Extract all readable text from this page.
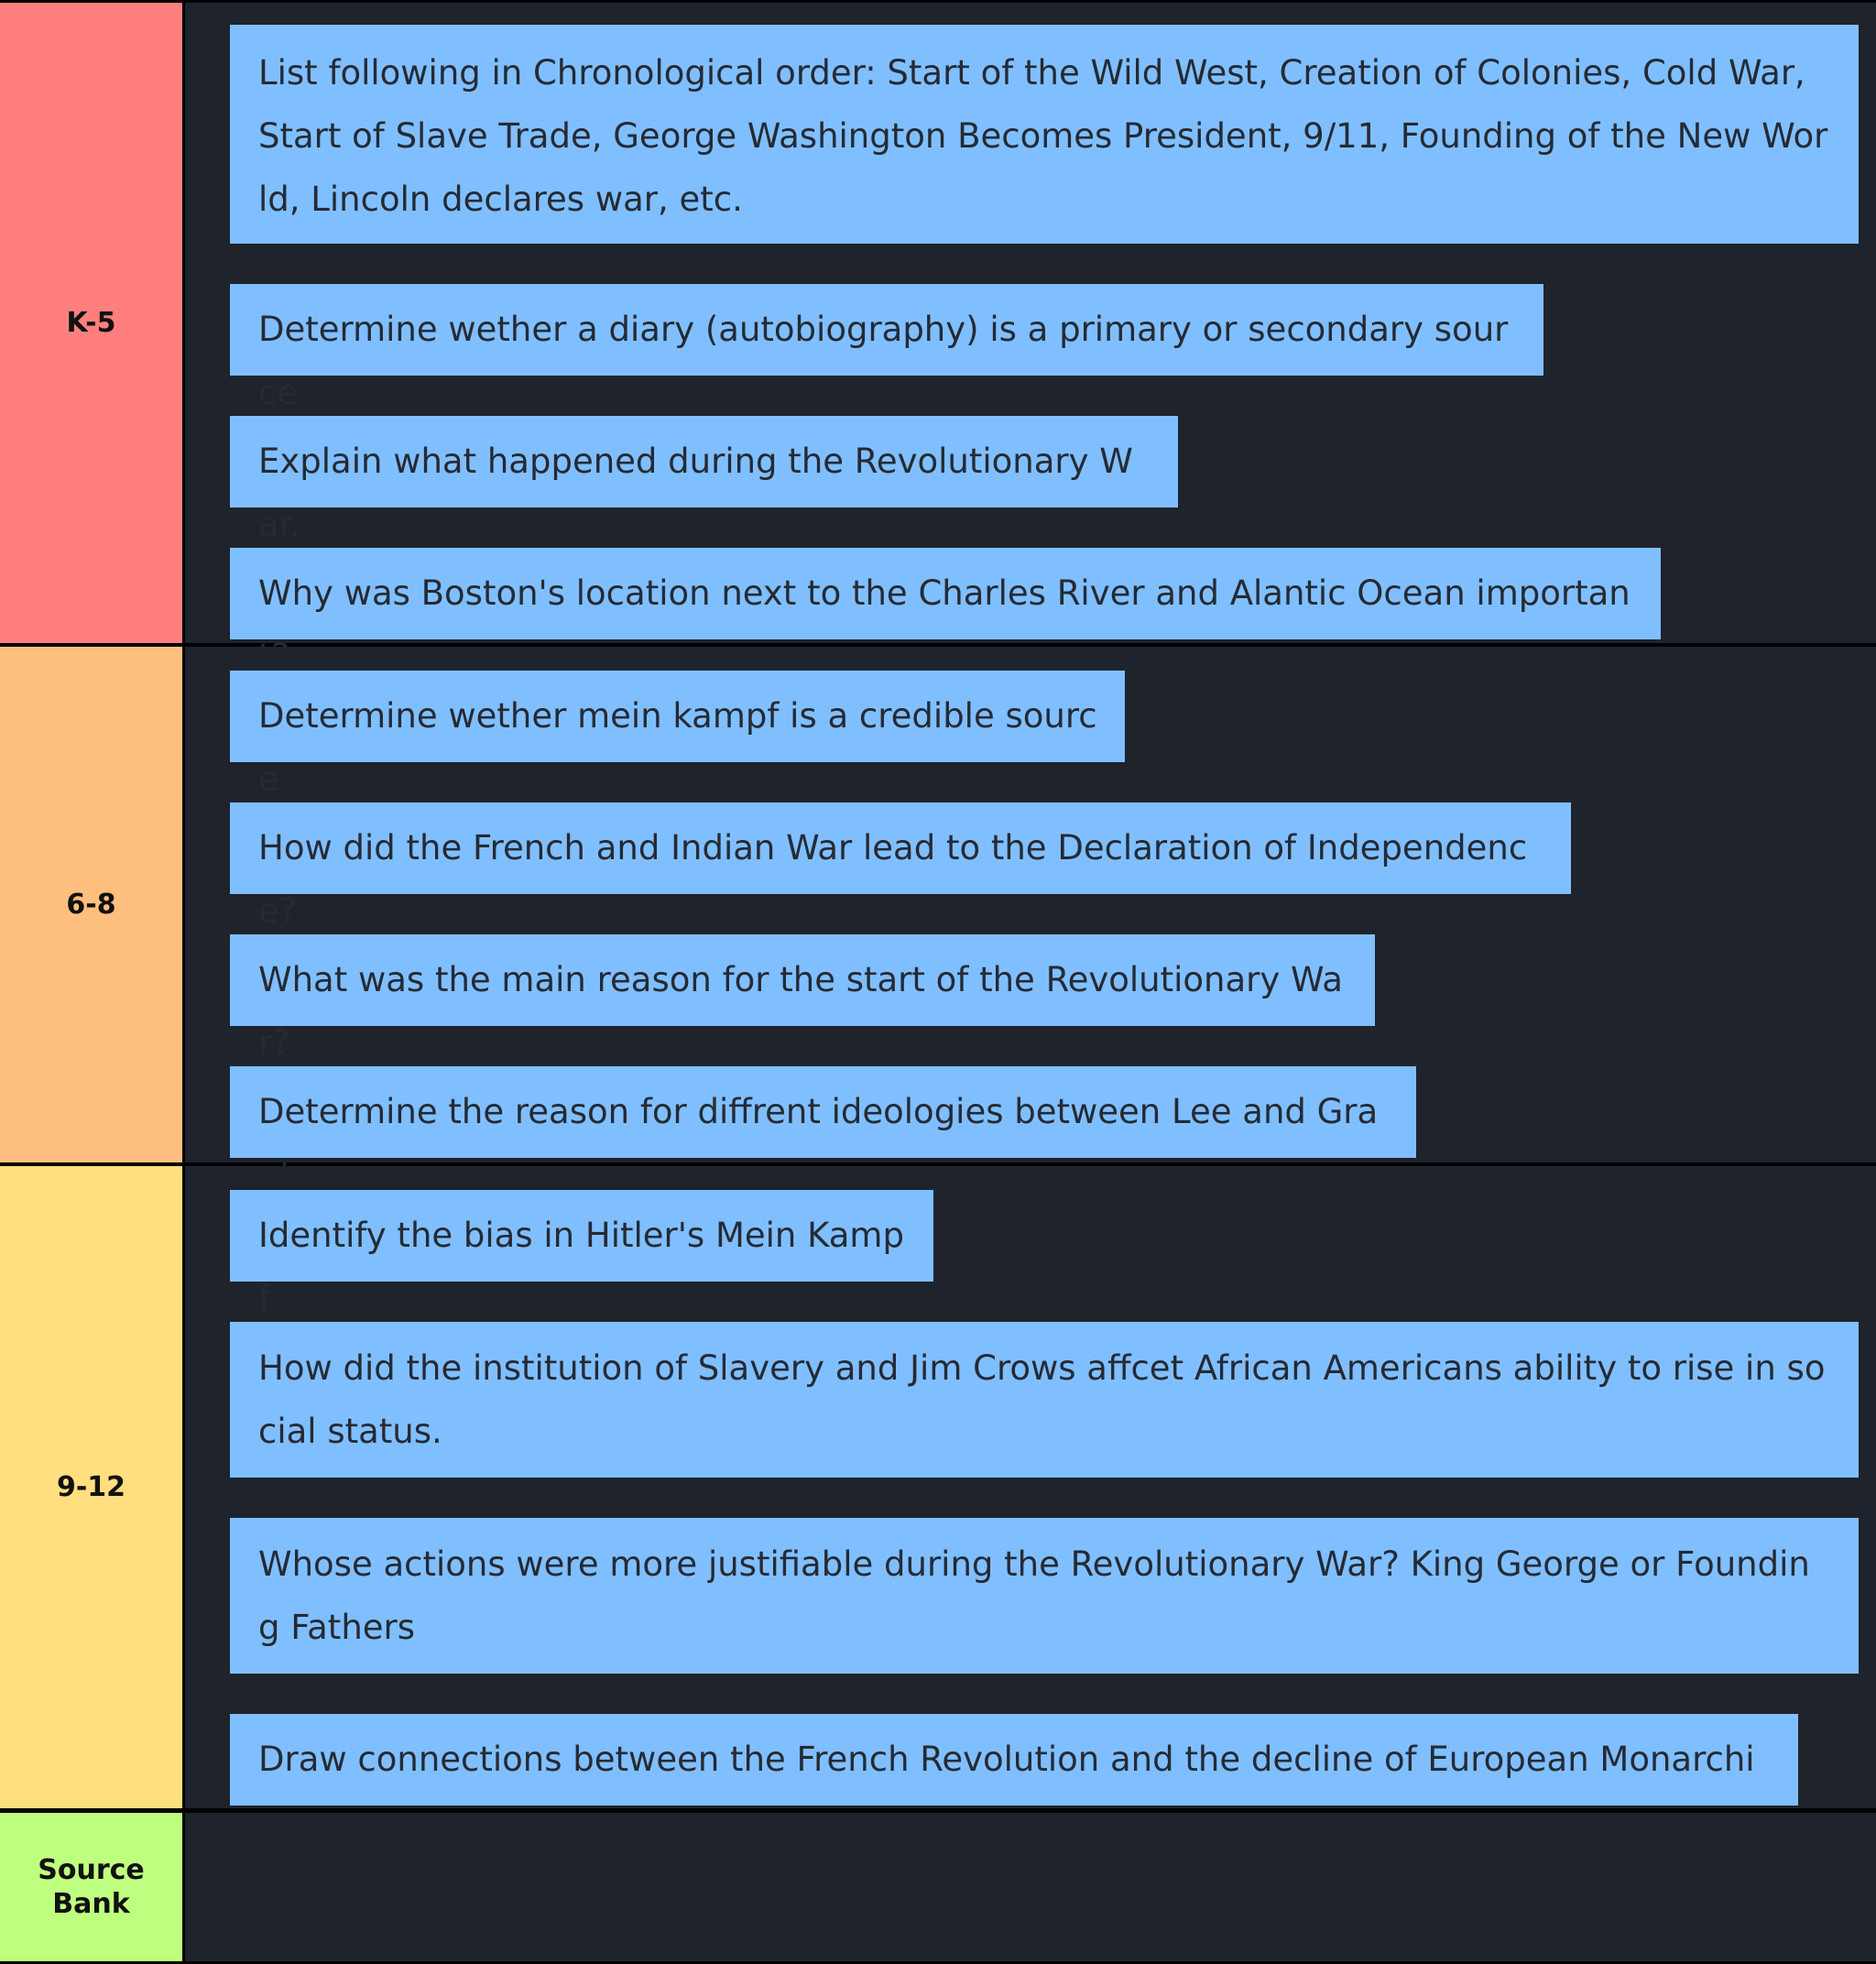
K-5
List following in Chronological order: Start of the Wild West, Creation of Colonies, Cold War, Start of Slave Trade, George Washington Becomes President, 9/11, Founding of the New World, Lincoln declares war, etc.
Determine wether a diary (autobiography) is a primary or secondary source
Explain what happened during the Revolutionary War.
Why was Boston's location next to the Charles River and Alantic Ocean importan
6-8
Determine wether mein kampf is a credible source
How did the French and Indian War lead to the Declaration of Independence?
What was the main reason for the start of the Revolutionary War?
Determine the reason for diffrent ideologies between Lee and Gra
9-12
Identify the bias in Hitler's Mein Kampf
How did the institution of Slavery and Jim Crows affcet African Americans ability to rise in social status.
Whose actions were more justifiable during the Revolutionary War? King George or Founding Fathers
Draw connections between the French Revolution and the decline of European Monarchi
Source
Bank
